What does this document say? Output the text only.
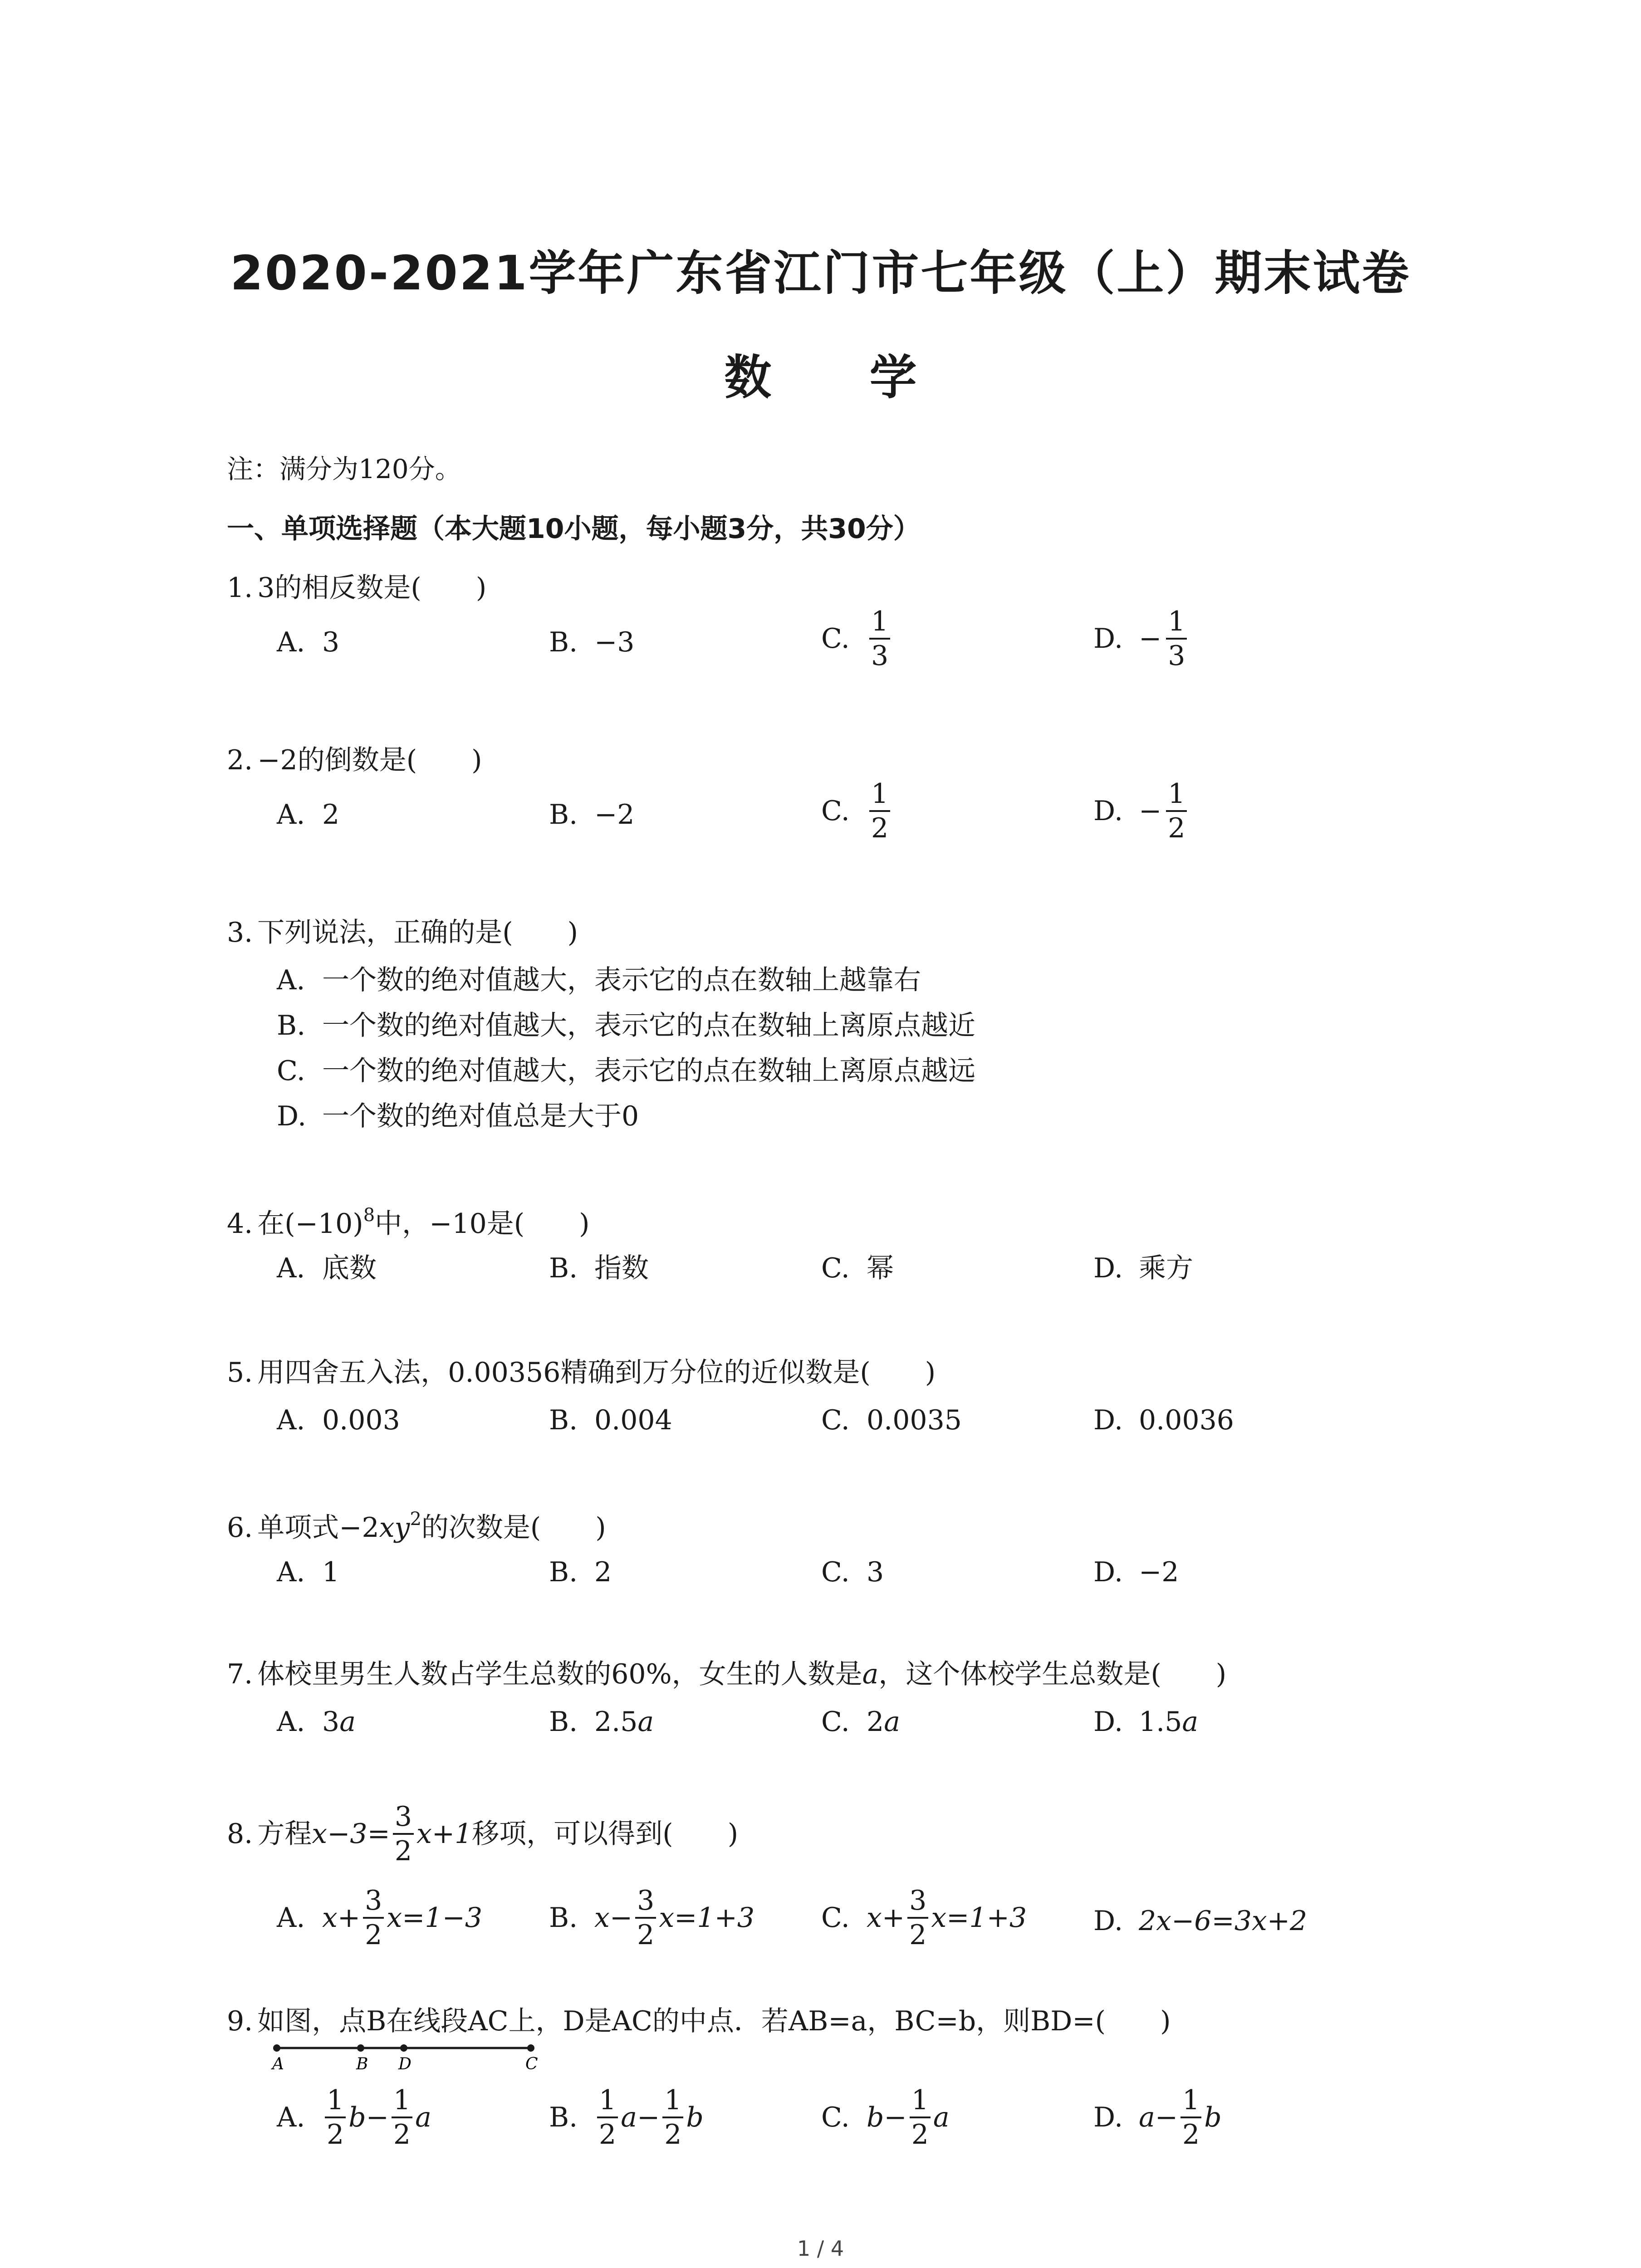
2020-2021学年广东省江门市七年级（上）期末试卷
数 学
注：满分为120分。
一、单项选择题（本大题10小题，每小题3分，共30分）
1. 3的相反数是(　　)
A. 3	B. −3	C. $\frac{1}{3}$	D. − $\frac{1}{3}$
2. −2的倒数是(　　)
A. 2	B. −2	C. $\frac{1}{2}$	D. − $\frac{1}{2}$
3. 下列说法，正确的是(　　)
A. 一个数的绝对值越大，表示它的点在数轴上越靠右
B. 一个数的绝对值越大，表示它的点在数轴上离原点越近
C. 一个数的绝对值越大，表示它的点在数轴上离原点越远
D. 一个数的绝对值总是大于0
4. 在$(-10)^8$中，−10是(　　)
A. 底数	B. 指数	C. 幂	D. 乘方
5. 用四舍五入法，0.00356精确到万分位的近似数是(　　)
A. 0.003	B. 0.004	C. 0.0035	D. 0.0036
6. 单项式$-2xy^2$的次数是(　　)
A. 1	B. 2	C. 3	D. −2
7. 体校里男生人数占学生总数的60%，女生的人数是a，这个体校学生总数是(　　)
A. 3 a	B. 2.5 a	C. 2 a	D. 1.5 a
8. 方程 $x-3= \frac{3}{2} x+1$ 移项，可以得到(　　)
A. $x+ \frac{3}{2} x=1-3$ B. $x- \frac{3}{2} x=1+3$ C. $x+ \frac{3}{2} x=1+3$ D. 2x−6=3x+2
9. 如图，点B在线段AC上，D是AC的中点．若AB=a，BC=b，则BD=(　　)
A	B D	C
A. $\frac{1}{2} b- \frac{1}{2}$ a	B. $\frac{1}{2} a- \frac{1}{2}$ b	C. $b- \frac{1}{2}$ a	D. $a- \frac{1}{2}$ b
1 / 4
